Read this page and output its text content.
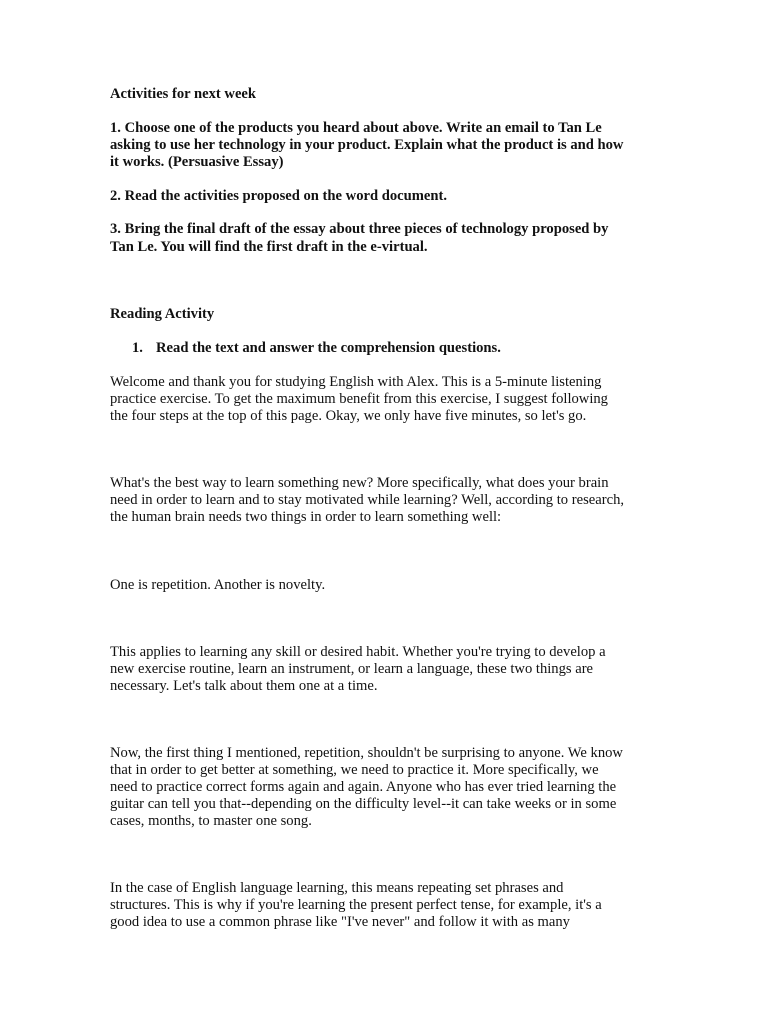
Activities for next week
1. Choose one of the products you heard about above. Write an email to Tan Le
asking to use her technology in your product. Explain what the product is and how
it works. (Persuasive Essay)
2. Read the activities proposed on the word document.
3. Bring the final draft of the essay about three pieces of technology proposed by
Tan Le. You will find the first draft in the e-virtual.
Reading Activity
1. Read the text and answer the comprehension questions.
Welcome and thank you for studying English with Alex. This is a 5-minute listening
practice exercise. To get the maximum benefit from this exercise, I suggest following
the four steps at the top of this page. Okay, we only have five minutes, so let's go.
What's the best way to learn something new? More specifically, what does your brain
need in order to learn and to stay motivated while learning? Well, according to research,
the human brain needs two things in order to learn something well:
One is repetition. Another is novelty.
This applies to learning any skill or desired habit. Whether you're trying to develop a
new exercise routine, learn an instrument, or learn a language, these two things are
necessary. Let's talk about them one at a time.
Now, the first thing I mentioned, repetition, shouldn't be surprising to anyone. We know
that in order to get better at something, we need to practice it. More specifically, we
need to practice correct forms again and again. Anyone who has ever tried learning the
guitar can tell you that--depending on the difficulty level--it can take weeks or in some
cases, months, to master one song.
In the case of English language learning, this means repeating set phrases and
structures. This is why if you're learning the present perfect tense, for example, it's a
good idea to use a common phrase like "I've never" and follow it with as many
